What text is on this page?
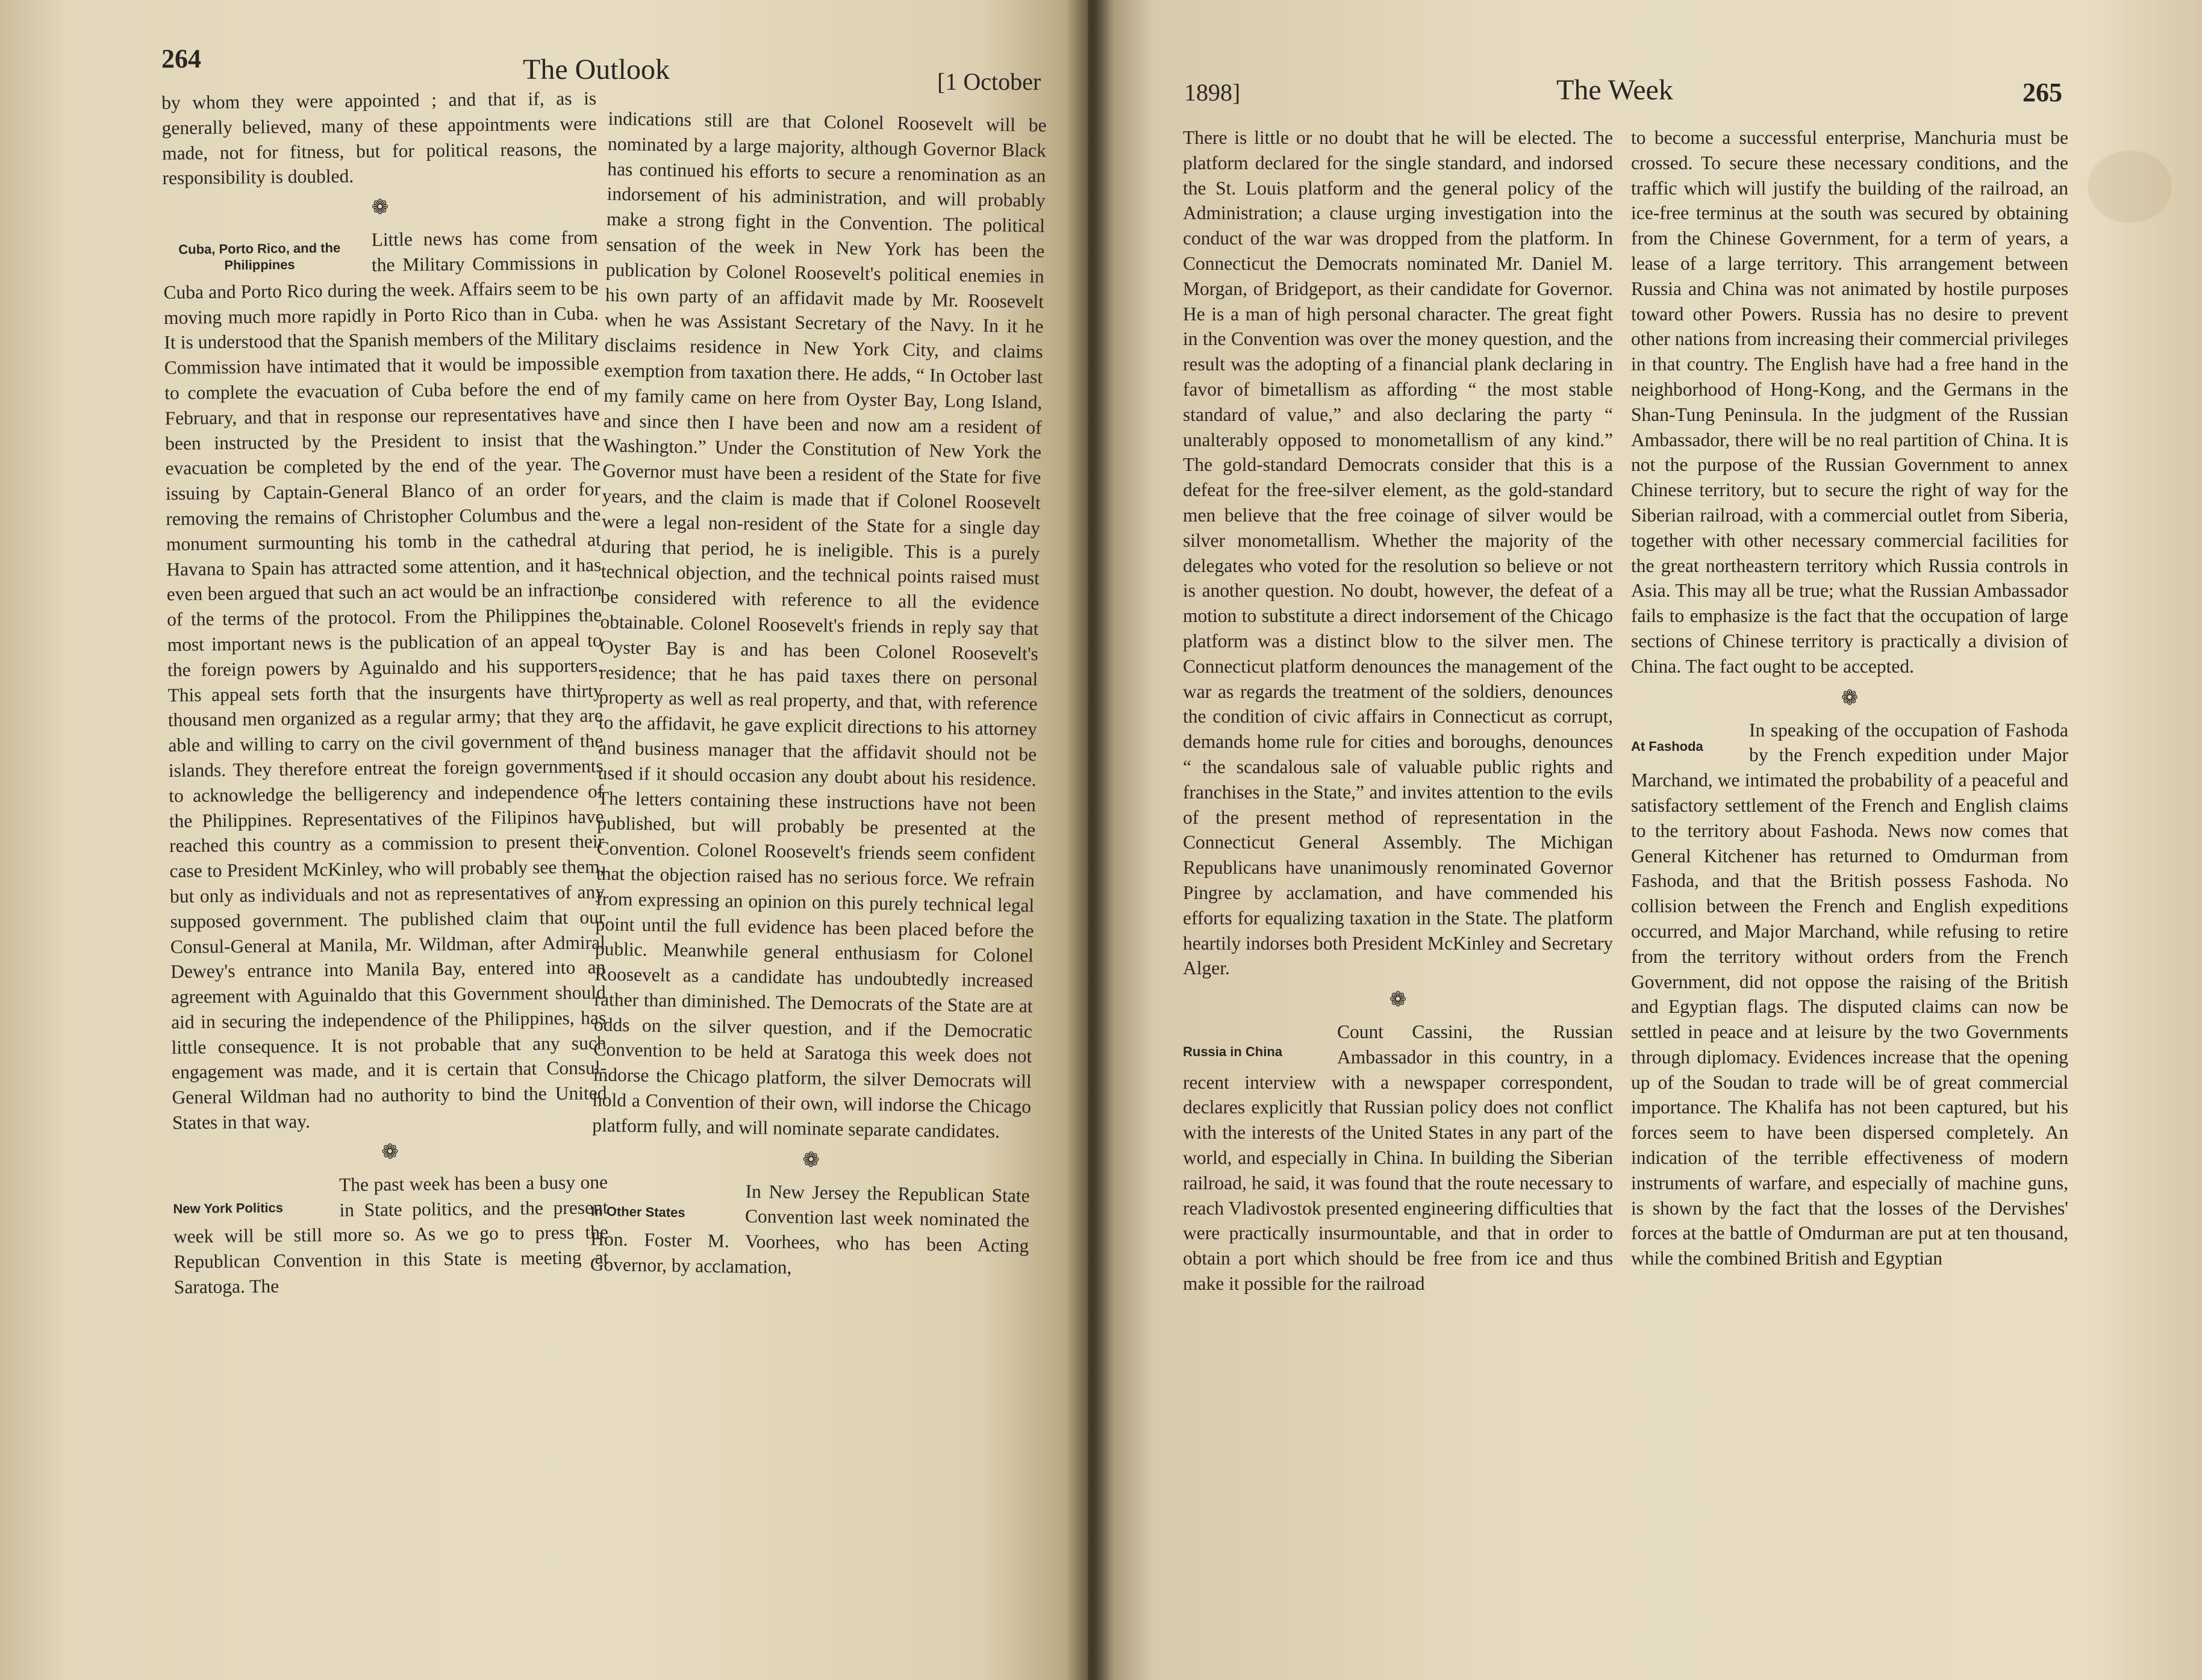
264	The Outlook	[1 October

by whom they were appointed ; and that if, as is generally believed, many of these appointments were made, not for fitness, but for political reasons, the responsibility is doubled.

❁
Cuba, Porto Rico, and the Philippines

Little news has come from the Military Commissions in Cuba and Porto Rico during the week. Affairs seem to be moving much more rapidly in Porto Rico than in Cuba. It is understood that the Spanish members of the Military Commission have intimated that it would be impossible to complete the evacuation of Cuba before the end of February, and that in response our representatives have been instructed by the President to insist that the evacuation be completed by the end of the year. The issuing by Captain-General Blanco of an order for removing the remains of Christopher Columbus and the monument surmounting his tomb in the cathedral at Havana to Spain has attracted some attention, and it has even been argued that such an act would be an infraction of the terms of the protocol. From the Philippines the most important news is the publication of an appeal to the foreign powers by Aguinaldo and his supporters. This appeal sets forth that the insurgents have thirty thousand men organized as a regular army; that they are able and willing to carry on the civil government of the islands. They therefore entreat the foreign governments to acknowledge the belligerency and independence of the Philippines. Representatives of the Filipinos have reached this country as a commission to present their case to President McKinley, who will probably see them, but only as individuals and not as representatives of any supposed government. The published claim that our Consul-General at Manila, Mr. Wildman, after Admiral Dewey's entrance into Manila Bay, entered into an agreement with Aguinaldo that this Government should aid in securing the independence of the Philippines, has little consequence. It is not probable that any such engagement was made, and it is certain that Consul-General Wildman had no authority to bind the United States in that way.

❁
New York Politics

The past week has been a busy one in State politics, and the present week will be still more so. As we go to press the Republican Convention in this State is meeting at Saratoga. The

indications still are that Colonel Roosevelt will be nominated by a large majority, although Governor Black has continued his efforts to secure a renomination as an indorsement of his administration, and will probably make a strong fight in the Convention. The political sensation of the week in New York has been the publication by Colonel Roosevelt's political enemies in his own party of an affidavit made by Mr. Roosevelt when he was Assistant Secretary of the Navy. In it he disclaims residence in New York City, and claims exemption from taxation there. He adds, “ In October last my family came on here from Oyster Bay, Long Island, and since then I have been and now am a resident of Washington.” Under the Constitution of New York the Governor must have been a resident of the State for five years, and the claim is made that if Colonel Roosevelt were a legal non-resident of the State for a single day during that period, he is ineligible. This is a purely technical objection, and the technical points raised must be considered with reference to all the evidence obtainable. Colonel Roosevelt's friends in reply say that Oyster Bay is and has been Colonel Roosevelt's residence; that he has paid taxes there on personal property as well as real property, and that, with reference to the affidavit, he gave explicit directions to his attorney and business manager that the affidavit should not be used if it should occasion any doubt about his residence. The letters containing these instructions have not been published, but will probably be presented at the Convention. Colonel Roosevelt's friends seem confident that the objection raised has no serious force. We refrain from expressing an opinion on this purely technical legal point until the full evidence has been placed before the public. Meanwhile general enthusiasm for Colonel Roosevelt as a candidate has undoubtedly increased rather than diminished. The Democrats of the State are at odds on the silver question, and if the Democratic Convention to be held at Saratoga this week does not indorse the Chicago platform, the silver Democrats will hold a Convention of their own, will indorse the Chicago platform fully, and will nominate separate candidates.

❁
In Other States

In New Jersey the Republican State Convention last week nominated the Hon. Foster M. Voorhees, who has been Acting Governor, by acclamation,

1898]	The Week	265

There is little or no doubt that he will be elected. The platform declared for the single standard, and indorsed the St. Louis platform and the general policy of the Administration; a clause urging investigation into the conduct of the war was dropped from the platform. In Connecticut the Democrats nominated Mr. Daniel M. Morgan, of Bridgeport, as their candidate for Governor. He is a man of high personal character. The great fight in the Convention was over the money question, and the result was the adopting of a financial plank declaring in favor of bimetallism as affording “ the most stable standard of value,” and also declaring the party “ unalterably opposed to monometallism of any kind.” The gold-standard Democrats consider that this is a defeat for the free-silver element, as the gold-standard men believe that the free coinage of silver would be silver monometallism. Whether the majority of the delegates who voted for the resolution so believe or not is another question. No doubt, however, the defeat of a motion to substitute a direct indorsement of the Chicago platform was a distinct blow to the silver men. The Connecticut platform denounces the management of the war as regards the treatment of the soldiers, denounces the condition of civic affairs in Connecticut as corrupt, demands home rule for cities and boroughs, denounces “ the scandalous sale of valuable public rights and franchises in the State,” and invites attention to the evils of the present method of representation in the Connecticut General Assembly. The Michigan Republicans have unanimously renominated Governor Pingree by acclamation, and have commended his efforts for equalizing taxation in the State. The platform heartily indorses both President McKinley and Secretary Alger.

❁
Russia in China

Count Cassini, the Russian Ambassador in this country, in a recent interview with a newspaper correspondent, declares explicitly that Russian policy does not conflict with the interests of the United States in any part of the world, and especially in China. In building the Siberian railroad, he said, it was found that the route necessary to reach Vladivostok presented engineering difficulties that were practically insurmountable, and that in order to obtain a port which should be free from ice and thus make it possible for the railroad

to become a successful enterprise, Manchuria must be crossed. To secure these necessary conditions, and the traffic which will justify the building of the railroad, an ice-free terminus at the south was secured by obtaining from the Chinese Government, for a term of years, a lease of a large territory. This arrangement between Russia and China was not animated by hostile purposes toward other Powers. Russia has no desire to prevent other nations from increasing their commercial privileges in that country. The English have had a free hand in the neighborhood of Hong-Kong, and the Germans in the Shan-Tung Peninsula. In the judgment of the Russian Ambassador, there will be no real partition of China. It is not the purpose of the Russian Government to annex Chinese territory, but to secure the right of way for the Siberian railroad, with a commercial outlet from Siberia, together with other necessary commercial facilities for the great northeastern territory which Russia controls in Asia. This may all be true; what the Russian Ambassador fails to emphasize is the fact that the occupation of large sections of Chinese territory is practically a division of China. The fact ought to be accepted.

❁
At Fashoda

In speaking of the occupation of Fashoda by the French expedition under Major Marchand, we intimated the probability of a peaceful and satisfactory settlement of the French and English claims to the territory about Fashoda. News now comes that General Kitchener has returned to Omdurman from Fashoda, and that the British possess Fashoda. No collision between the French and English expeditions occurred, and Major Marchand, while refusing to retire from the territory without orders from the French Government, did not oppose the raising of the British and Egyptian flags. The disputed claims can now be settled in peace and at leisure by the two Governments through diplomacy. Evidences increase that the opening up of the Soudan to trade will be of great commercial importance. The Khalifa has not been captured, but his forces seem to have been dispersed completely. An indication of the terrible effectiveness of modern instruments of warfare, and especially of machine guns, is shown by the fact that the losses of the Dervishes' forces at the battle of Omdurman are put at ten thousand, while the combined British and Egyptian
